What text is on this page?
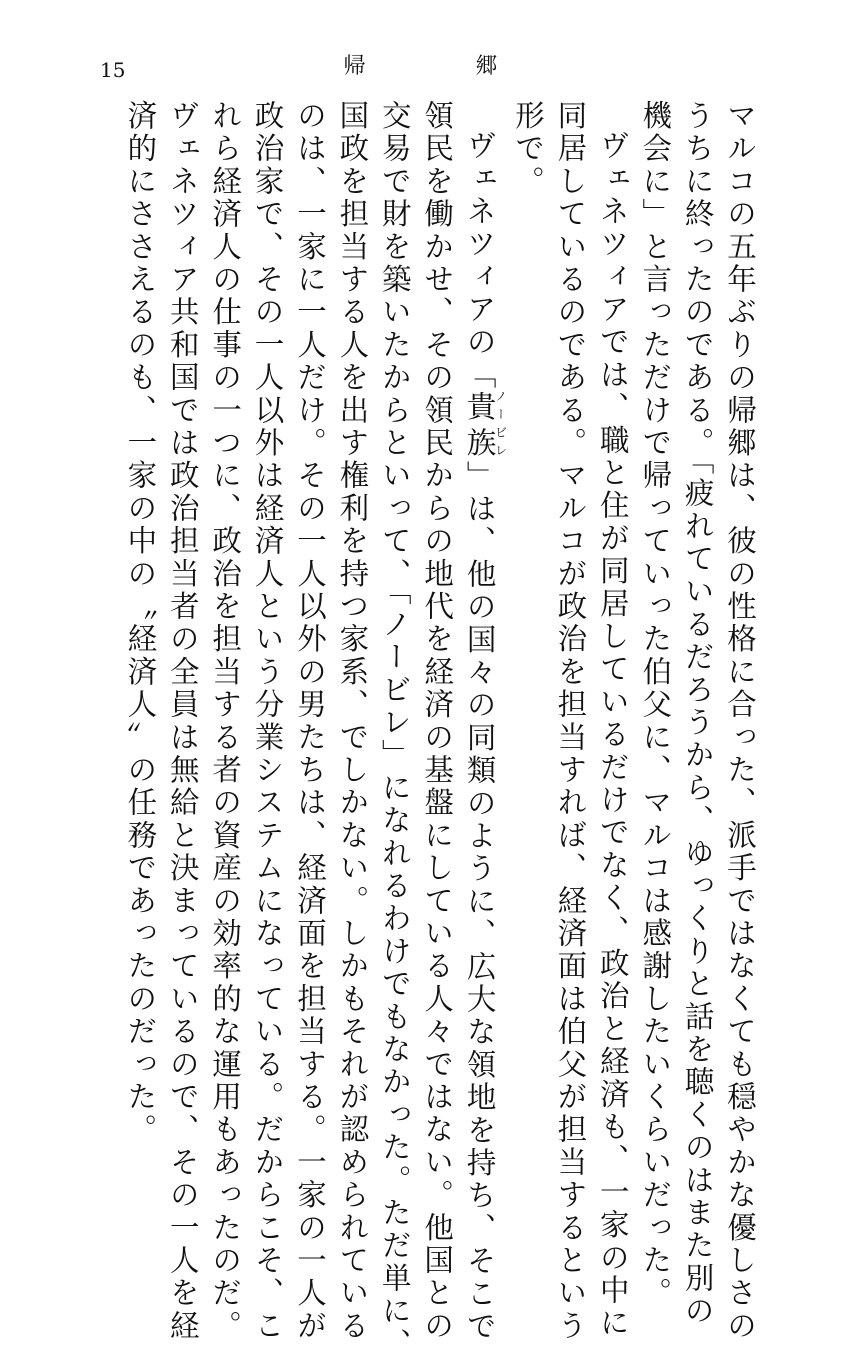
15	帰郷

マルコの五年ぶりの帰郷は、彼の性格に合った、派手ではなくても穏やかな優しさの
うちに終ったのである。「疲れているだろうから、ゆっくりと話を聴くのはまた別の
機会に」と言っただけで帰っていった伯父に、マルコは感謝したいくらいだった。

ヴェネツィアでは、職と住が同居しているだけでなく、政治と経済も、一家の中に
同居しているのである。マルコが政治を担当すれば、経済面は伯父が担当するという
形で。

ヴェネツィアの「貴族ノービレ」は、他の国々の同類のように、広大な領地を持ち、そこで
領民を働かせ、その領民からの地代を経済の基盤にしている人々ではない。他国との
交易で財を築いたからといって、「ノービレ」になれるわけでもなかった。ただ単に、
国政を担当する人を出す権利を持つ家系、でしかない。しかもそれが認められている
のは、一家に一人だけ。その一人以外の男たちは、経済面を担当する。一家の一人が
政治家で、その一人以外は経済人という分業システムになっている。だからこそ、こ
れら経済人の仕事の一つに、政治を担当する者の資産の効率的な運用もあったのだ。
ヴェネツィア共和国では政治担当者の全員は無給と決まっているので、その一人を経
済的にささえるのも、一家の中の〝経済人〟の任務であったのだった。
